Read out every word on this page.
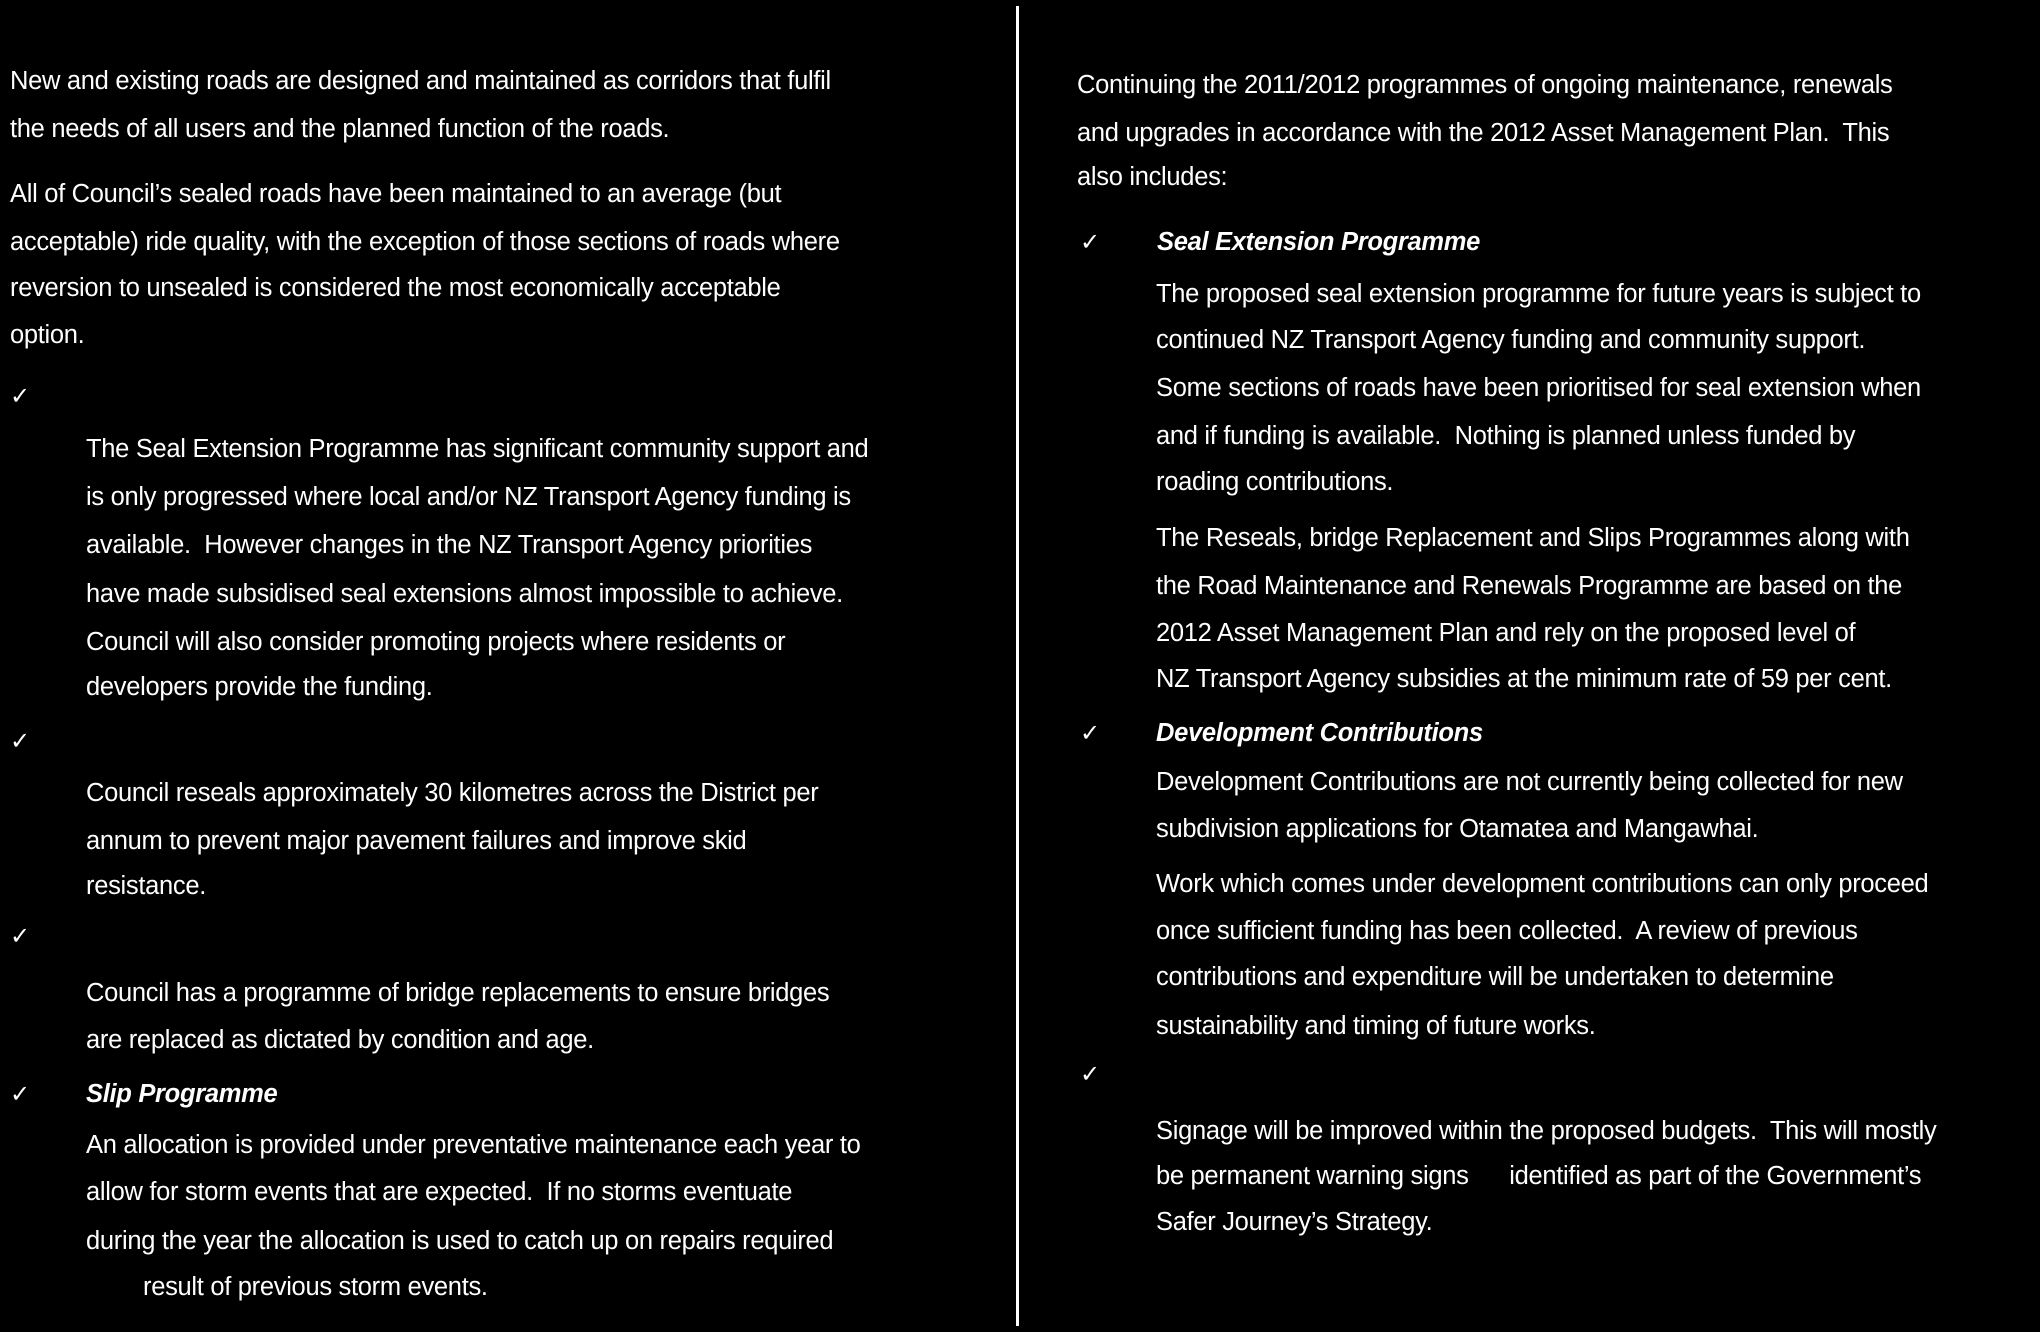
New and existing roads are designed and maintained as corridors that fulfil
the needs of all users and the planned function of the roads.
All of Council’s sealed roads have been maintained to an average (but
acceptable) ride quality, with the exception of those sections of roads where
reversion to unsealed is considered the most economically acceptable
option.
✓
The Seal Extension Programme has significant community support and
is only progressed where local and/or NZ Transport Agency funding is
available.  However changes in the NZ Transport Agency priorities
have made subsidised seal extensions almost impossible to achieve.
Council will also consider promoting projects where residents or
developers provide the funding.
✓
Council reseals approximately 30 kilometres across the District per
annum to prevent major pavement failures and improve skid
resistance.
✓
Council has a programme of bridge replacements to ensure bridges
are replaced as dictated by condition and age.
✓ Slip Programme
An allocation is provided under preventative maintenance each year to
allow for storm events that are expected.  If no storms eventuate
during the year the allocation is used to catch up on repairs required
result of previous storm events.
Continuing the 2011/2012 programmes of ongoing maintenance, renewals
and upgrades in accordance with the 2012 Asset Management Plan.  This
also includes:
✓ Seal Extension Programme
The proposed seal extension programme for future years is subject to
continued NZ Transport Agency funding and community support.
Some sections of roads have been prioritised for seal extension when
and if funding is available.  Nothing is planned unless funded by
roading contributions.
The Reseals, bridge Replacement and Slips Programmes along with
the Road Maintenance and Renewals Programme are based on the
2012 Asset Management Plan and rely on the proposed level of
NZ Transport Agency subsidies at the minimum rate of 59 per cent.
✓ Development Contributions
Development Contributions are not currently being collected for new
subdivision applications for Otamatea and Mangawhai.
Work which comes under development contributions can only proceed
once sufficient funding has been collected.  A review of previous
contributions and expenditure will be undertaken to determine
sustainability and timing of future works.
✓
Signage will be improved within the proposed budgets.  This will mostly
be permanent warning signs      identified as part of the Government’s
Safer Journey’s Strategy.
